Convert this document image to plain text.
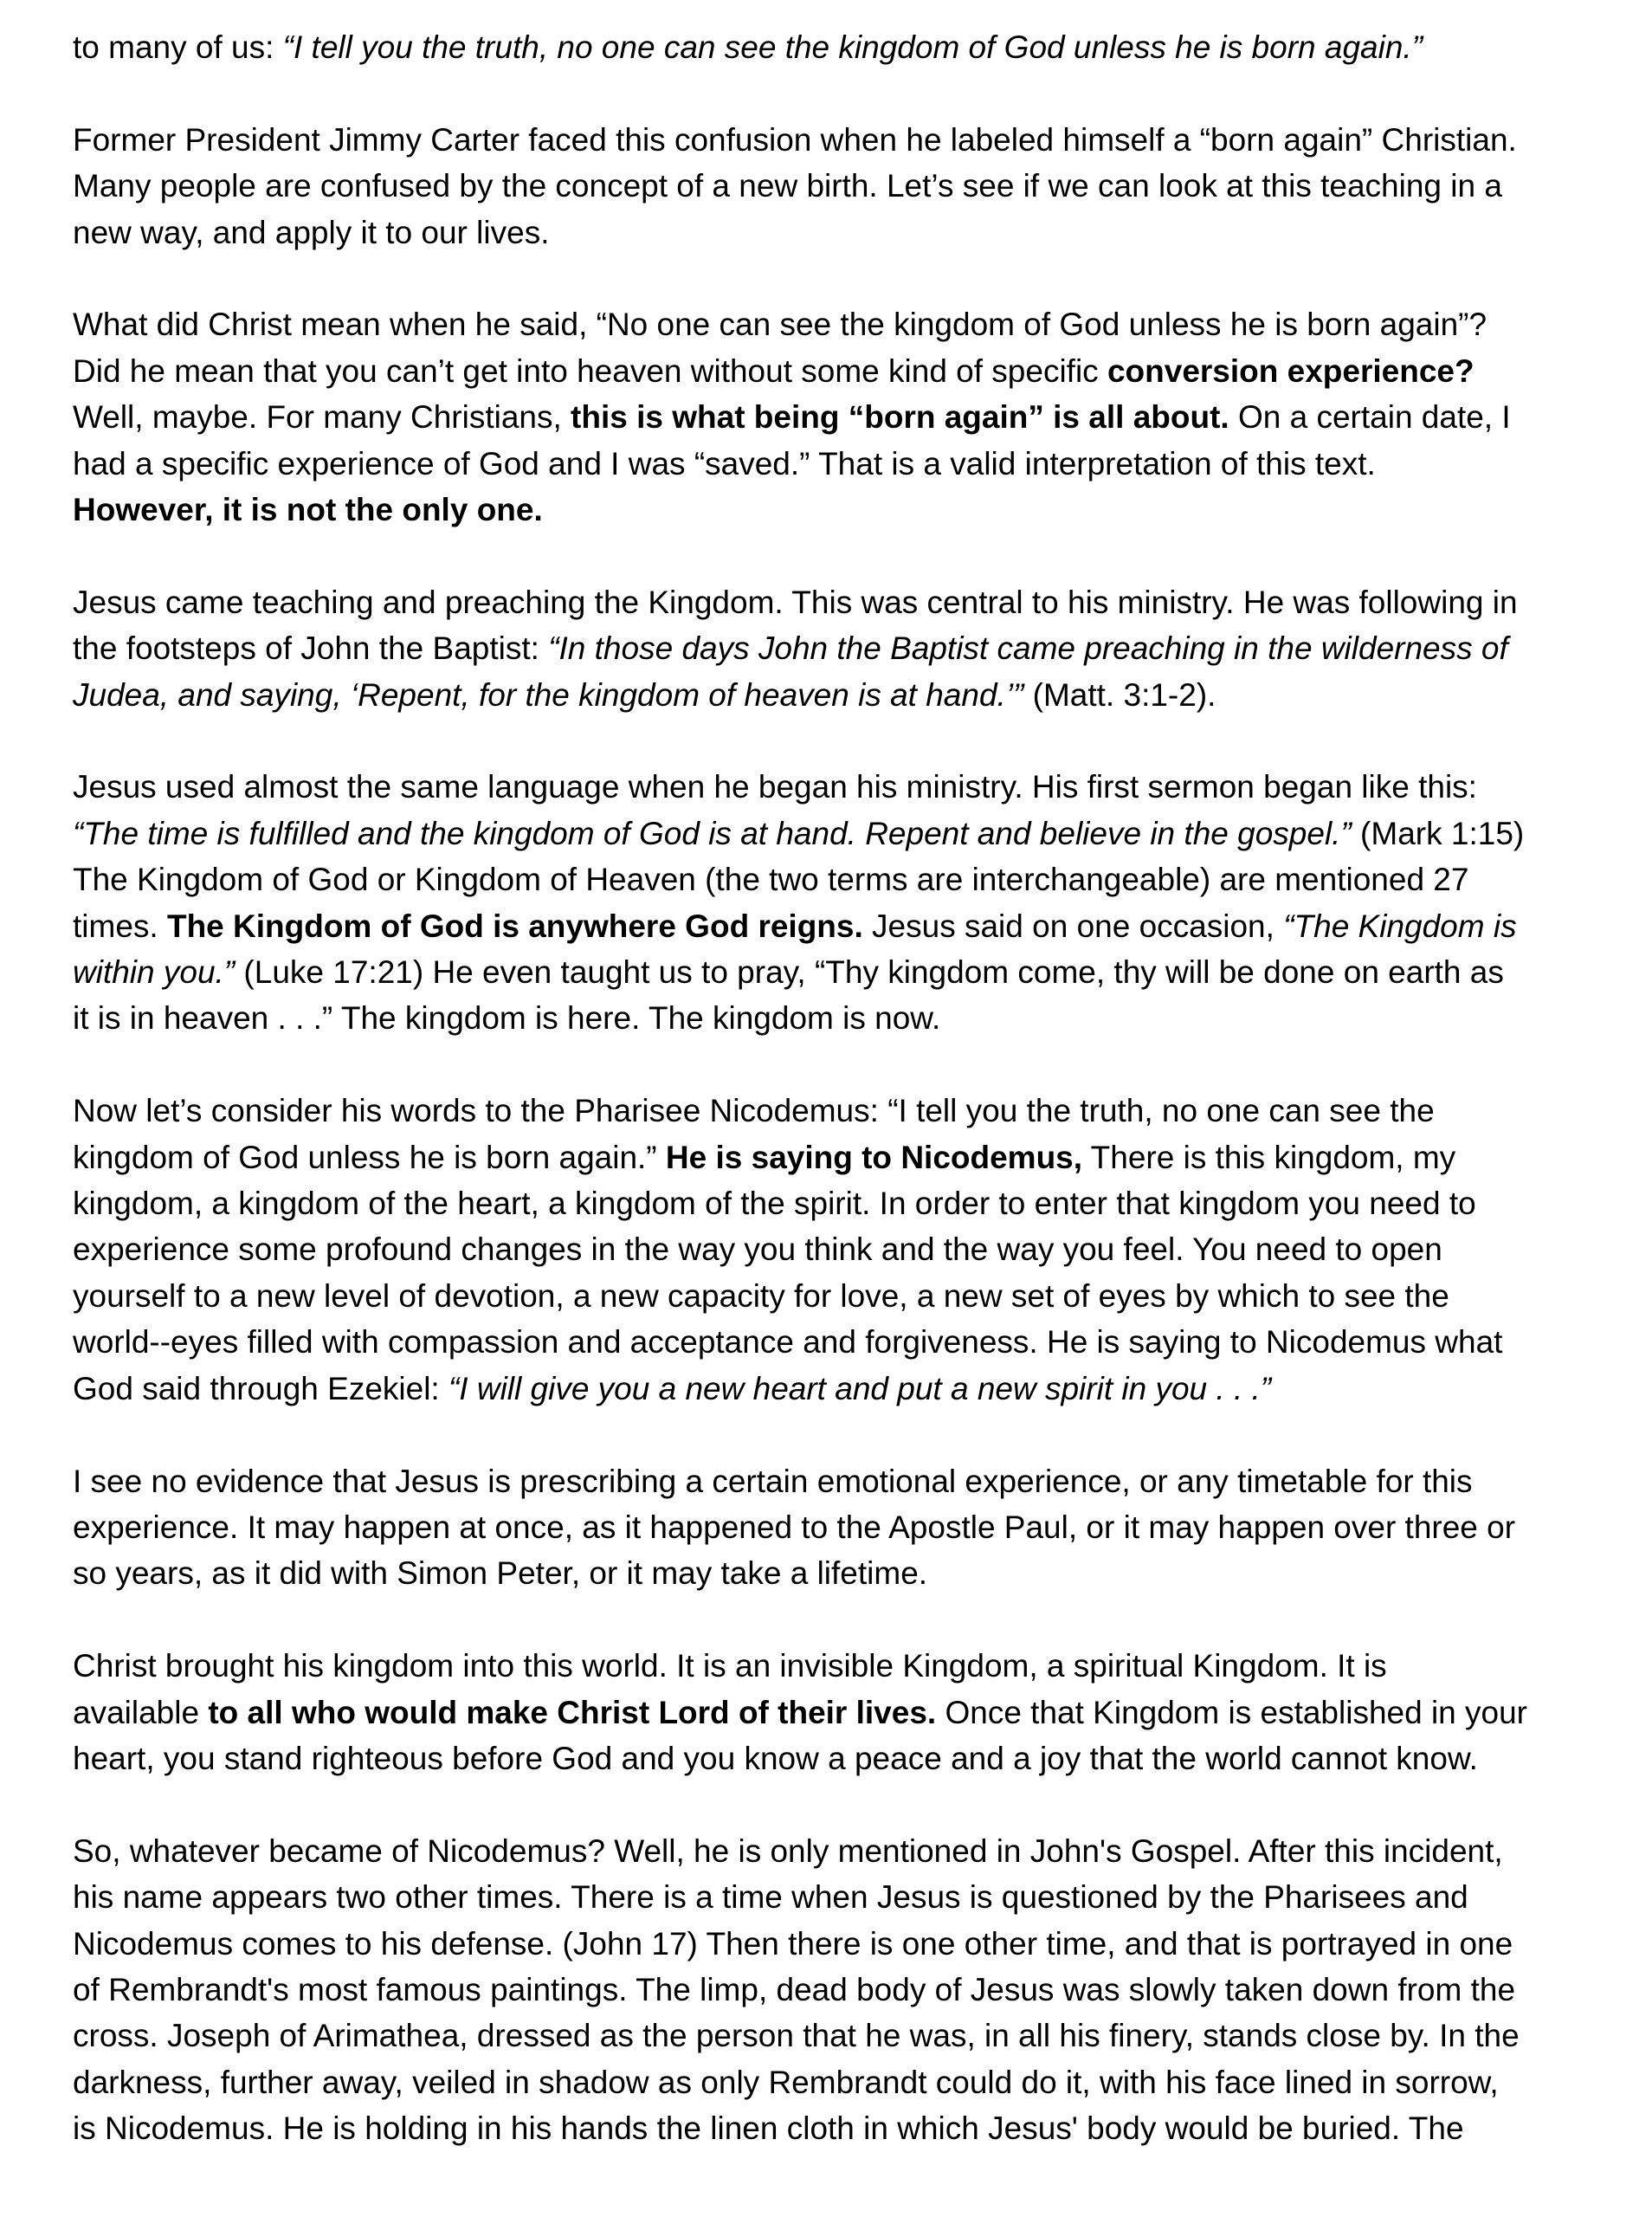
to many of us: “I tell you the truth, no one can see the kingdom of God unless he is born again.”
Former President Jimmy Carter faced this confusion when he labeled himself a “born again” Christian.
Many people are confused by the concept of a new birth. Let’s see if we can look at this teaching in a
new way, and apply it to our lives.
What did Christ mean when he said, “No one can see the kingdom of God unless he is born again”?
Did he mean that you can’t get into heaven without some kind of specific conversion experience?
Well, maybe. For many Christians, this is what being “born again” is all about. On a certain date, I
had a specific experience of God and I was “saved.” That is a valid interpretation of this text.
However, it is not the only one.
Jesus came teaching and preaching the Kingdom. This was central to his ministry. He was following in
the footsteps of John the Baptist: “In those days John the Baptist came preaching in the wilderness of
Judea, and saying, ‘Repent, for the kingdom of heaven is at hand.’” (Matt. 3:1-2).
Jesus used almost the same language when he began his ministry. His first sermon began like this:
“The time is fulfilled and the kingdom of God is at hand. Repent and believe in the gospel.” (Mark 1:15)
The Kingdom of God or Kingdom of Heaven (the two terms are interchangeable) are mentioned 27
times. The Kingdom of God is anywhere God reigns. Jesus said on one occasion, “The Kingdom is
within you.” (Luke 17:21) He even taught us to pray, “Thy kingdom come, thy will be done on earth as
it is in heaven . . .” The kingdom is here. The kingdom is now.
Now let’s consider his words to the Pharisee Nicodemus: “I tell you the truth, no one can see the
kingdom of God unless he is born again.” He is saying to Nicodemus, There is this kingdom, my
kingdom, a kingdom of the heart, a kingdom of the spirit. In order to enter that kingdom you need to
experience some profound changes in the way you think and the way you feel. You need to open
yourself to a new level of devotion, a new capacity for love, a new set of eyes by which to see the
world--eyes filled with compassion and acceptance and forgiveness. He is saying to Nicodemus what
God said through Ezekiel: “I will give you a new heart and put a new spirit in you . . .”
I see no evidence that Jesus is prescribing a certain emotional experience, or any timetable for this
experience. It may happen at once, as it happened to the Apostle Paul, or it may happen over three or
so years, as it did with Simon Peter, or it may take a lifetime.
Christ brought his kingdom into this world. It is an invisible Kingdom, a spiritual Kingdom. It is
available to all who would make Christ Lord of their lives. Once that Kingdom is established in your
heart, you stand righteous before God and you know a peace and a joy that the world cannot know.
So, whatever became of Nicodemus? Well, he is only mentioned in John's Gospel. After this incident,
his name appears two other times. There is a time when Jesus is questioned by the Pharisees and
Nicodemus comes to his defense. (John 17) Then there is one other time, and that is portrayed in one
of Rembrandt's most famous paintings. The limp, dead body of Jesus was slowly taken down from the
cross. Joseph of Arimathea, dressed as the person that he was, in all his finery, stands close by. In the
darkness, further away, veiled in shadow as only Rembrandt could do it, with his face lined in sorrow,
is Nicodemus. He is holding in his hands the linen cloth in which Jesus' body would be buried. The
